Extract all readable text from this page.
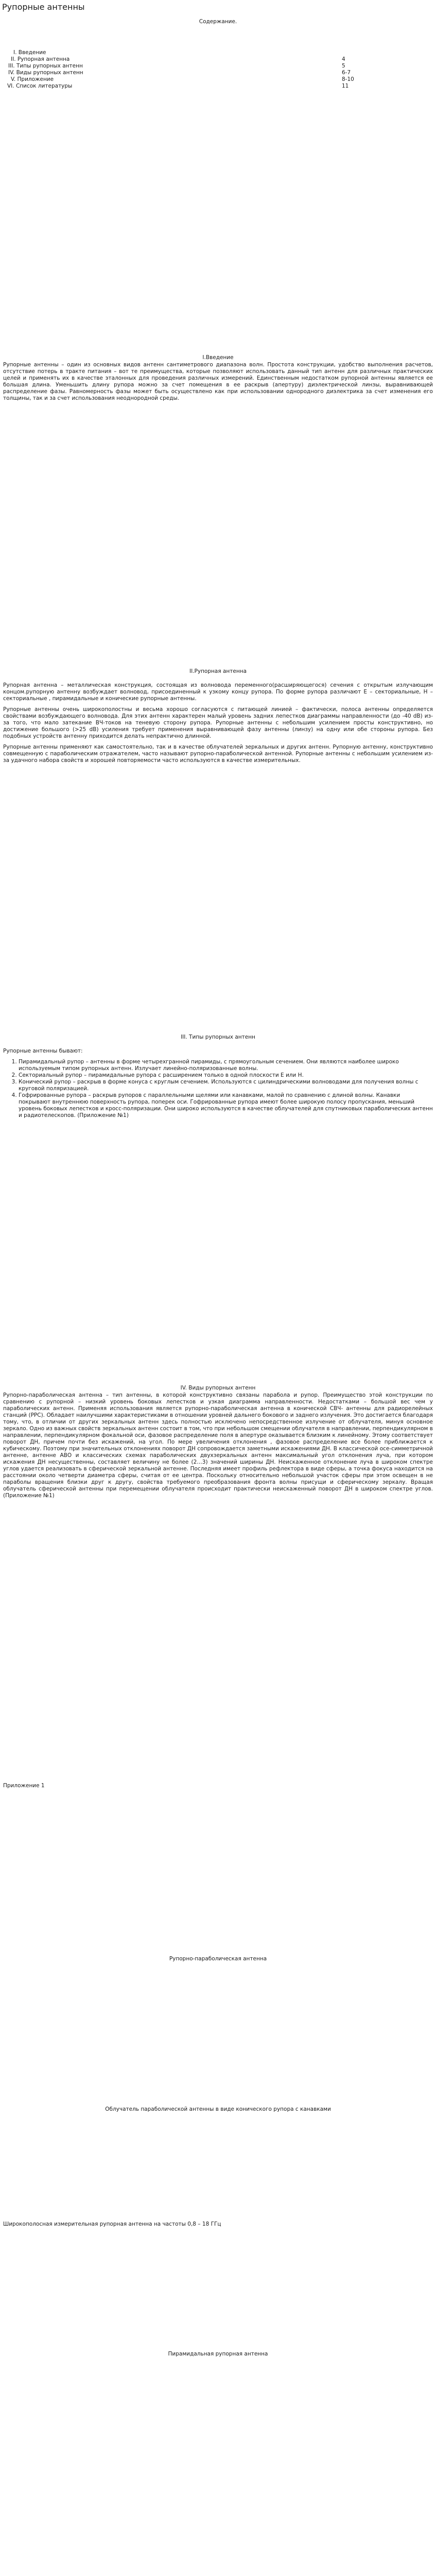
Рупорные антенны
Содержание.
I. Введение
II. Рупорная антенна	4
III. Типы рупорных антенн	5
IV. Виды рупорных антенн	6-7
V. Приложение	8-10
VI. Список литературы	11
I.Введение

Рупорные антенны – один из основных видов антенн сантиметрового диапазона волн. Простота конструкции, удобство выполнения расчетов, отсутствие потерь в тракте питания – вот те преимущества, которые позволяют использовать данный тип антенн для различных практических целей и применять их в качестве эталонных для проведения различных измерений. Единственным недостатком рупорной антенны является ее большая длина. Уменьшить длину рупора можно за счет помещения в ее раскрыв (апертуру) диэлектрической линзы, выравнивающей распределение фазы. Равномерность фазы может быть осуществлено как при использовании однородного диэлектрика за счет изменения его толщины, так и за счет использования неоднородной среды.

II.Рупорная антенна

Рупорная антенна – металлическая конструкция, состоящая из волновода переменного(расширяющегося) сечения с открытым излучающим концом.рупорную антенну возбуждает волновод, присоединенный к узкому концу рупора. По форме рупора различают Е – секториальные, Н – секториальные , пирамидальные и конические рупорные антенны.

Рупорные антенны очень широкополостны и весьма хорошо согласуются с питающей линией – фактически, полоса антенны определяется свойствами возбуждающего волновода. Для этих антенн характерен малый уровень задних лепестков диаграммы направленности (до -40 dB) из-за того, что мало затекание ВЧ-токов на теневую сторону рупора. Рупорные антенны с небольшим усилением просты конструктивно, но достижение большого (>25 dB) усиления требует применения выравнивающей фазу антенны (линзу) на одну или обе стороны рупора. Без подобных устройств антенну приходится делать непрактично длинной.

Рупорные антенны применяют как самостоятельно, так и в качестве облучателей зеркальных и других антенн. Рупорную антенну, конструктивно совмещенную с параболическим отражателем, часто называют рупорно-параболической антенной. Рупорные антенны с небольшим усилением из-за удачного набора свойств и хорошей повторяемости часто используются в качестве измерительных.

III. Типы рупорных антенн

Рупорные антенны бывают:

1. Пирамидальный рупор – антенны в форме четырехгранной пирамиды, с прямоугольным сечением. Они являются наиболее широко используемым типом рупорных антенн. Излучает линейно-поляризованные волны.
2. Секториальный рупор – пирамидальные рупора с расширением только в одной плоскости Е или Н.
3. Конический рупор – раскрыв в форме конуса с круглым сечением. Используются с цилиндрическими волноводами для получения волны с круговой поляризацией.
4. Гофрированные рупора – раскрыв рупоров с параллельными щелями или канавками, малой по сравнению с длиной волны. Канавки покрывают внутреннюю поверхность рупора, поперек оси. Гофрированные рупора имеют более широкую полосу пропускания, меньший уровень боковых лепестков и кросс-поляризации. Они широко используются в качестве облучателей для спутниковых параболических антенн и радиотелескопов. (Приложение №1)
IV. Виды рупорных антенн

Рупорно-параболическая антенна – тип антенны, в которой конструктивно связаны парабола и рупор. Преимущество этой конструкции по сравнению с рупорной – низкий уровень боковых лепестков и узкая диаграмма направленности. Недостатками – большой вес чем у параболических антенн. Применяя использования является рупорно-параболическая антенна в конической СВЧ- антенны для радиорелейных станций (РРС). Обладает наилучшими характеристиками в отношении уровней дальнего бокового и заднего излучения. Это достигается благодаря тому, что, в отличии от других зеркальных антенн здесь полностью исключено непосредственное излучение от облучателя, минуя основное зеркало. Одно из важных свойств зеркальных антенн состоит в том, что при небольшом смещении облучателя в направлении, перпендикулярном в направлении, перпендикулярном фокальной оси, фазовое распределение поля в апертуре оказывается близким к линейному. Этому соответствует поворот ДН, причем почти без искажений, на угол. По мере увеличения отклонения , фазовое распределение все более приближается к кубическому. Поэтому при значительных отклонениях поворот ДН сопровождается заметными искажениями ДН. В классической осе-симметричной антенне, антенне АВО и классических схемах параболических двухзеркальных антенн максимальный угол отклонения луча, при котором искажения ДН несущественны, составляет величину не более (2…3) значений ширины ДН. Неискаженное отклонение луча в широком спектре углов удается реализовать в сферической зеркальной антенне. Последняя имеет профиль рефлектора в виде сферы, а точка фокуса находится на расстоянии около четверти диаметра сферы, считая от ее центра. Поскольку относительно небольшой участок сферы при этом освещен в не параболы вращения близки друг к другу, свойства требуемого преобразования фронта волны присущи и сферическому зеркалу. Вращая облучатель сферической антенны при перемещении облучателя происходит практически неискаженный поворот ДН в широком спектре углов. (Приложение №1)

Приложение 1
Рупорно-параболическая антенна
Облучатель параболической антенны в виде конического рупора с канавками
Широкополосная измерительная рупорная антенна на частоты 0,8 – 18 ГГц
Пирамидальная рупорная антенна
